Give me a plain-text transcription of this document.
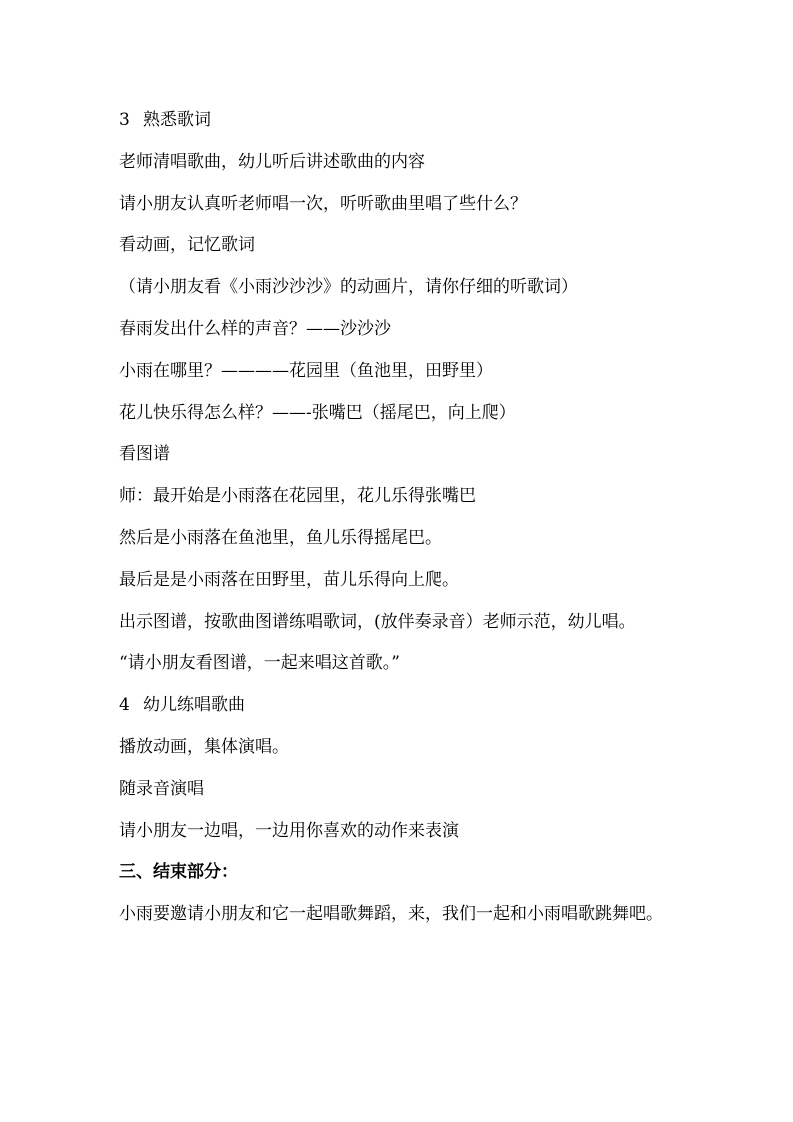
3 熟悉歌词

老师清唱歌曲，幼儿听后讲述歌曲的内容

请小朋友认真听老师唱一次，听听歌曲里唱了些什么？

看动画，记忆歌词

（请小朋友看《小雨沙沙沙》的动画片，请你仔细的听歌词）

春雨发出什么样的声音？——沙沙沙

小雨在哪里？————花园里（鱼池里，田野里）

花儿快乐得怎么样？——-张嘴巴（摇尾巴，向上爬）

看图谱

师：最开始是小雨落在花园里，花儿乐得张嘴巴

然后是小雨落在鱼池里，鱼儿乐得摇尾巴。

最后是是小雨落在田野里，苗儿乐得向上爬。

出示图谱，按歌曲图谱练唱歌词，(放伴奏录音）老师示范，幼儿唱。

“请小朋友看图谱，一起来唱这首歌。”

4 幼儿练唱歌曲

播放动画，集体演唱。

随录音演唱

请小朋友一边唱，一边用你喜欢的动作来表演

三、结束部分：

小雨要邀请小朋友和它一起唱歌舞蹈，来，我们一起和小雨唱歌跳舞吧。
